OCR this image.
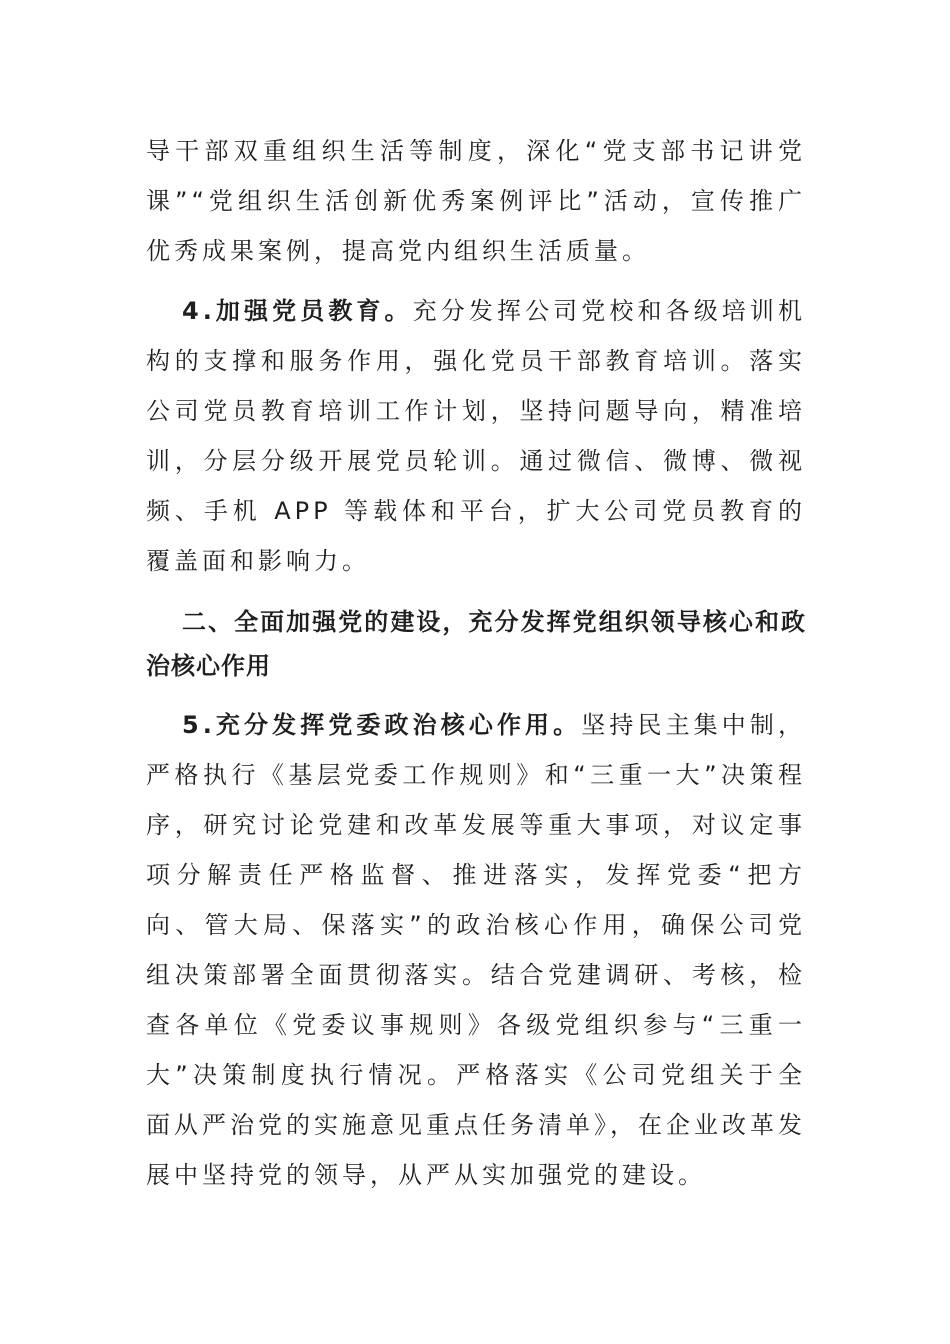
导干部双重组织生活等制度，深化“党支部书记讲党课”“党组织生活创新优秀案例评比”活动，宣传推广优秀成果案例，提高党内组织生活质量。

4.加强党员教育。充分发挥公司党校和各级培训机构的支撑和服务作用，强化党员干部教育培训。落实公司党员教育培训工作计划，坚持问题导向，精准培训，分层分级开展党员轮训。通过微信、微博、微视频、手机 APP 等载体和平台，扩大公司党员教育的覆盖面和影响力。

二、全面加强党的建设，充分发挥党组织领导核心和政治核心作用

5.充分发挥党委政治核心作用。坚持民主集中制，严格执行《基层党委工作规则》和“三重一大”决策程序，研究讨论党建和改革发展等重大事项，对议定事项分解责任严格监督、推进落实，发挥党委“把方向、管大局、保落实”的政治核心作用，确保公司党组决策部署全面贯彻落实。结合党建调研、考核，检查各单位《党委议事规则》各级党组织参与“三重一大”决策制度执行情况。严格落实《公司党组关于全面从严治党的实施意见重点任务清单》，在企业改革发展中坚持党的领导，从严从实加强党的建设。
